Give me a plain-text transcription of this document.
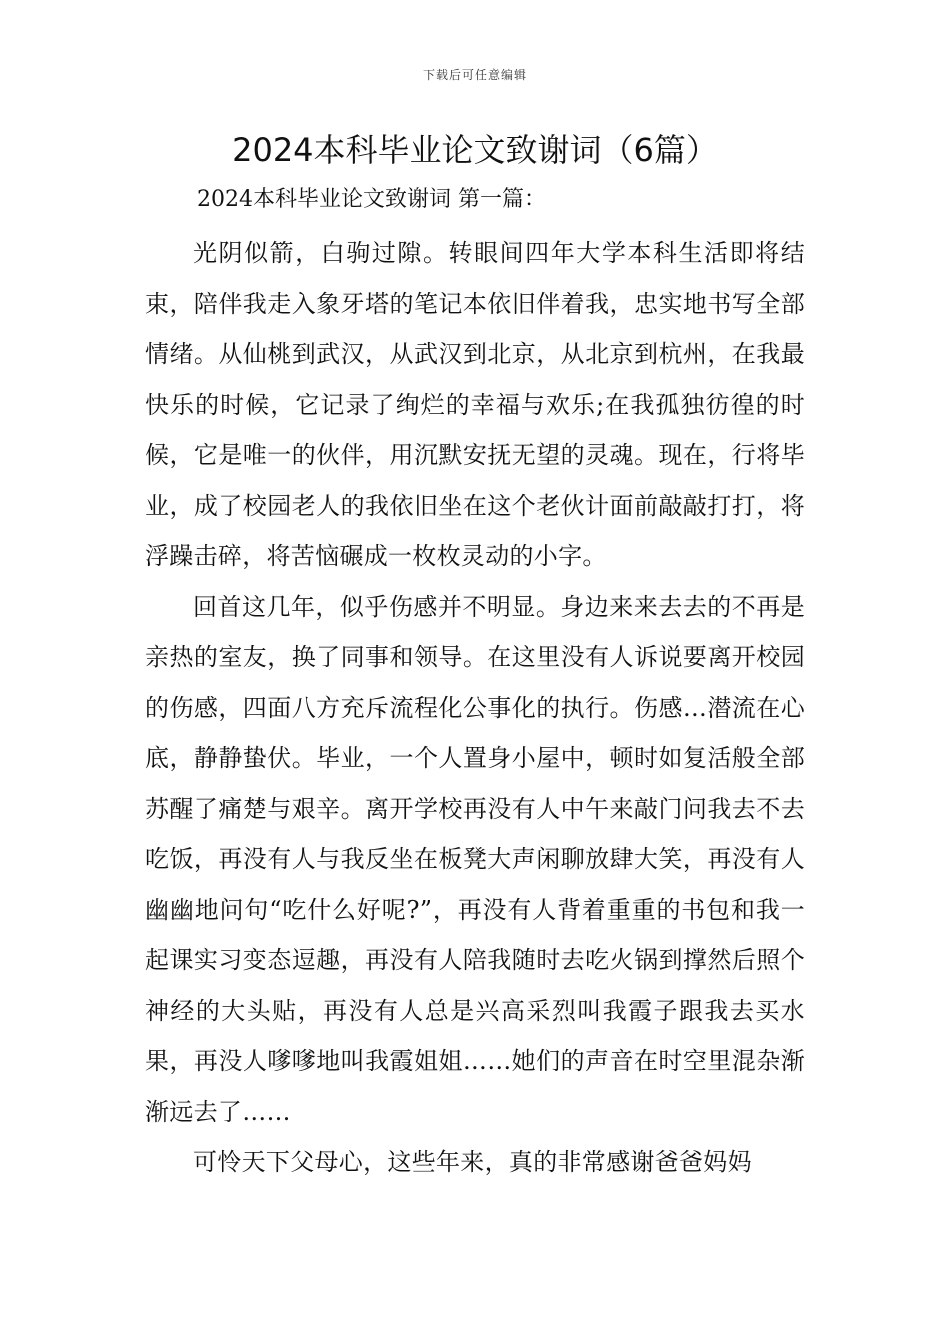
下载后可任意编辑
2024本科毕业论文致谢词（6篇）

2024本科毕业论文致谢词 第一篇：

光阴似箭，白驹过隙。转眼间四年大学本科生活即将结束，陪伴我走入象牙塔的笔记本依旧伴着我，忠实地书写全部情绪。从仙桃到武汉，从武汉到北京，从北京到杭州，在我最快乐的时候，它记录了绚烂的幸福与欢乐;在我孤独彷徨的时候，它是唯一的伙伴，用沉默安抚无望的灵魂。现在，行将毕业，成了校园老人的我依旧坐在这个老伙计面前敲敲打打，将浮躁击碎，将苦恼碾成一枚枚灵动的小字。

回首这几年，似乎伤感并不明显。身边来来去去的不再是亲热的室友，换了同事和领导。在这里没有人诉说要离开校园的伤感，四面八方充斥流程化公事化的执行。伤感…潜流在心底，静静蛰伏。毕业，一个人置身小屋中，顿时如复活般全部苏醒了痛楚与艰辛。离开学校再没有人中午来敲门问我去不去吃饭，再没有人与我反坐在板凳大声闲聊放肆大笑，再没有人幽幽地问句“吃什么好呢?”，再没有人背着重重的书包和我一起课实习变态逗趣，再没有人陪我随时去吃火锅到撑然后照个神经的大头贴，再没有人总是兴高采烈叫我霞子跟我去买水果，再没人嗲嗲地叫我霞姐姐……她们的声音在时空里混杂渐渐远去了……

可怜天下父母心，这些年来，真的非常感谢爸爸妈妈
